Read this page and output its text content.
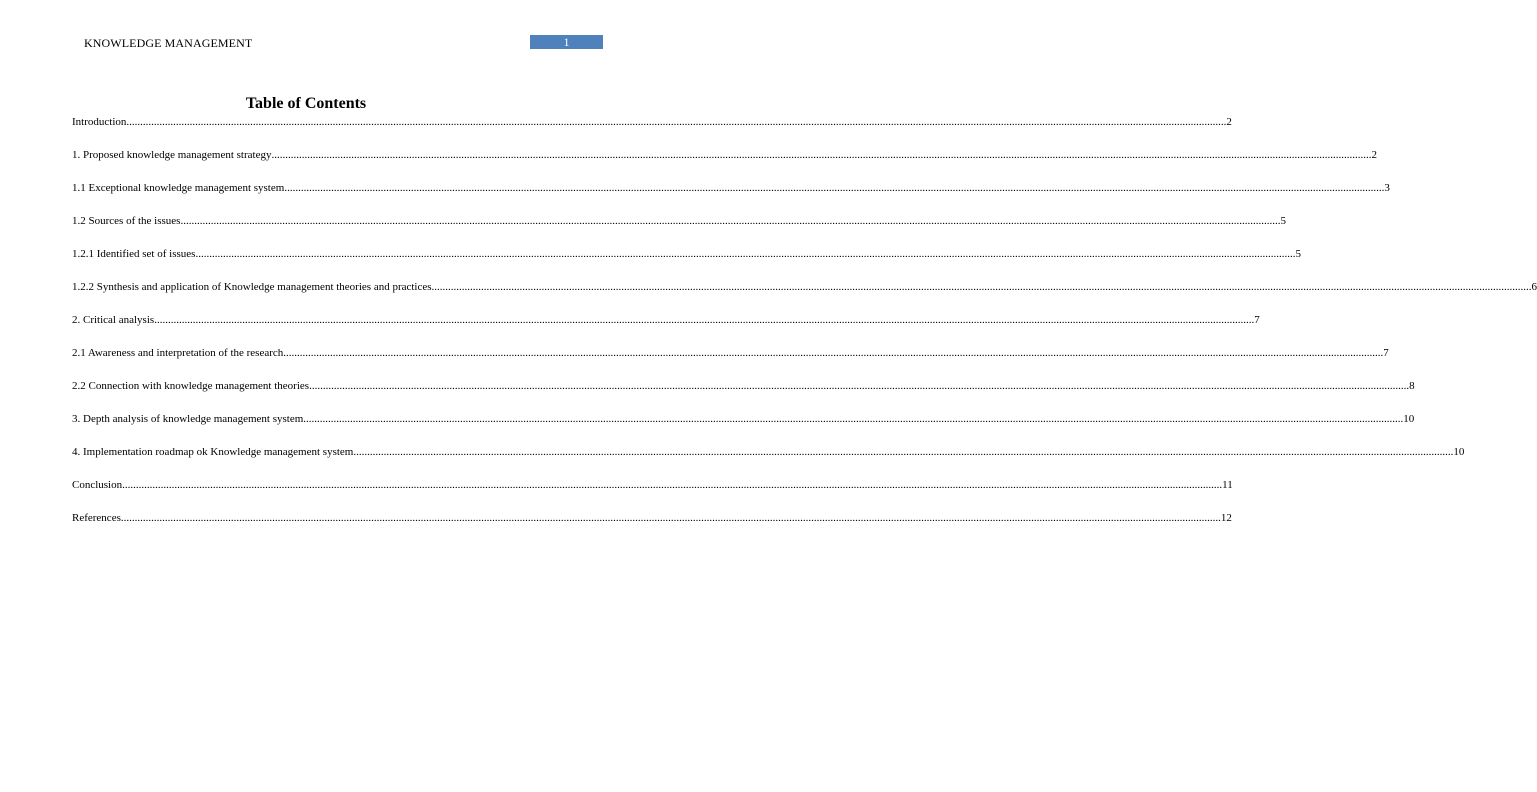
KNOWLEDGE MANAGEMENT	1
Table of Contents
Introduction ................................................................................................................................................................................................................................................................................................................................................................................................................ 2
1. Proposed knowledge management strategy ................................................................................................................................................................................................................................................................................................................................................................................................................ 2
1.1 Exceptional knowledge management system ................................................................................................................................................................................................................................................................................................................................................................................................................ 3
1.2 Sources of the issues ................................................................................................................................................................................................................................................................................................................................................................................................................ 5
1.2.1 Identified set of issues ................................................................................................................................................................................................................................................................................................................................................................................................................ 5
1.2.2 Synthesis and application of Knowledge management theories and practices ................................................................................................................................................................................................................................................................................................................................................................................................................ 6
2. Critical analysis ................................................................................................................................................................................................................................................................................................................................................................................................................ 7
2.1 Awareness and interpretation of the research ................................................................................................................................................................................................................................................................................................................................................................................................................ 7
2.2 Connection with knowledge management theories ................................................................................................................................................................................................................................................................................................................................................................................................................ 8
3. Depth analysis of knowledge management system ................................................................................................................................................................................................................................................................................................................................................................................................................ 10
4. Implementation roadmap ok Knowledge management system ................................................................................................................................................................................................................................................................................................................................................................................................................ 10
Conclusion ................................................................................................................................................................................................................................................................................................................................................................................................................ 11
References ................................................................................................................................................................................................................................................................................................................................................................................................................ 12
